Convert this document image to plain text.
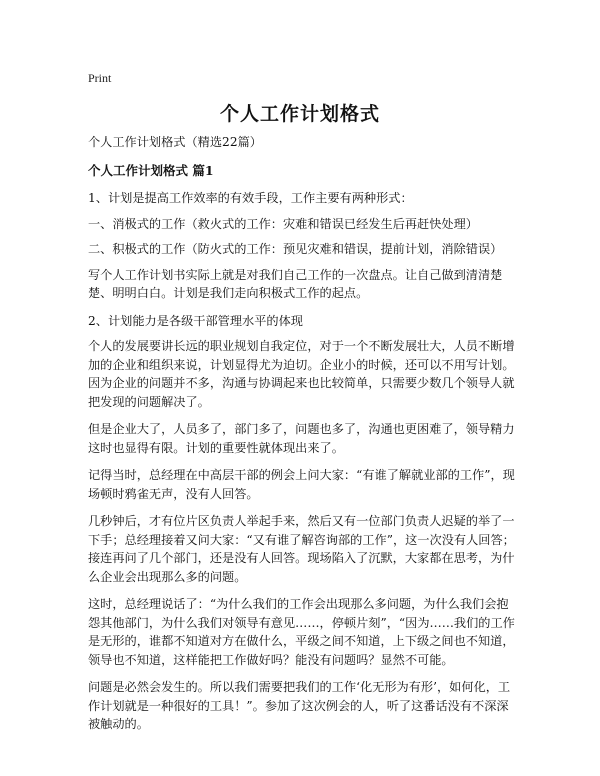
Print
个人工作计划格式

个人工作计划格式（精选22篇）

个人工作计划格式 篇1

1、计划是提高工作效率的有效手段，工作主要有两种形式：

一、消极式的工作（救火式的工作：灾难和错误已经发生后再赶快处理）

二、积极式的工作（防火式的工作：预见灾难和错误，提前计划，消除错误）

写个人工作计划书实际上就是对我们自己工作的一次盘点。让自己做到清清楚楚、明明白白。计划是我们走向积极式工作的起点。

2、计划能力是各级干部管理水平的体现

个人的发展要讲长远的职业规划自我定位，对于一个不断发展壮大，人员不断增加的企业和组织来说，计划显得尤为迫切。企业小的时候，还可以不用写计划。因为企业的问题并不多，沟通与协调起来也比较简单，只需要少数几个领导人就把发现的问题解决了。

但是企业大了，人员多了，部门多了，问题也多了，沟通也更困难了，领导精力这时也显得有限。计划的重要性就体现出来了。

记得当时，总经理在中高层干部的例会上问大家：“有谁了解就业部的工作”，现场顿时鸦雀无声，没有人回答。

几秒钟后，才有位片区负责人举起手来，然后又有一位部门负责人迟疑的举了一下手；总经理接着又问大家：“又有谁了解咨询部的工作”，这一次没有人回答；接连再问了几个部门，还是没有人回答。现场陷入了沉默，大家都在思考，为什么企业会出现那么多的问题。

这时，总经理说话了：“为什么我们的工作会出现那么多问题，为什么我们会抱怨其他部门，为什么我们对领导有意见……，停顿片刻”，“因为……我们的工作是无形的，谁都不知道对方在做什么，平级之间不知道，上下级之间也不知道，领导也不知道，这样能把工作做好吗？能没有问题吗？显然不可能。

问题是必然会发生的。所以我们需要把我们的工作‘化无形为有形’，如何化，工作计划就是一种很好的工具！”。参加了这次例会的人，听了这番话没有不深深被触动的。
